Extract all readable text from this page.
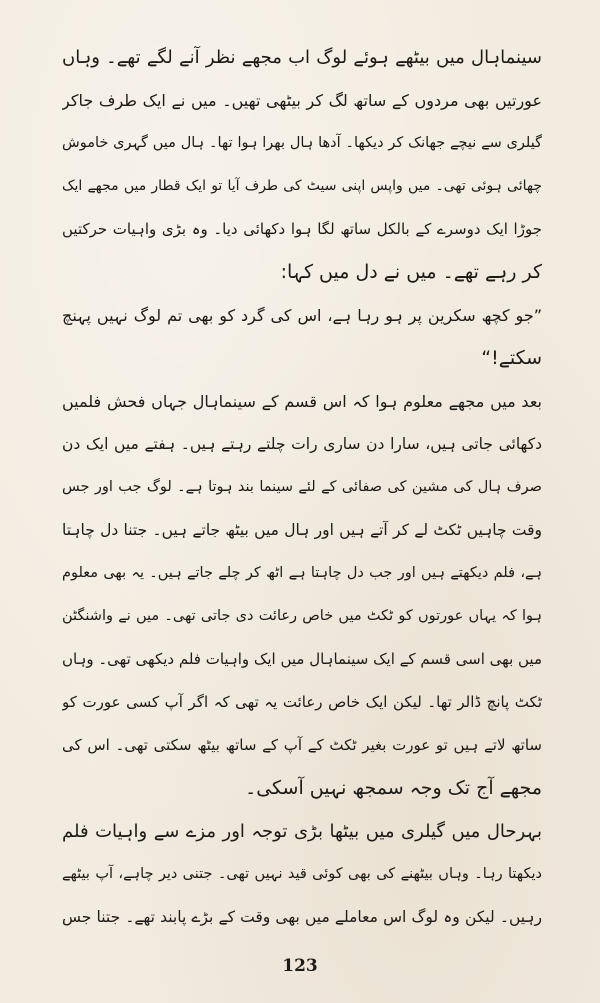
سینماہال میں بیٹھے ہوئے لوگ اب مجھے نظر آنے لگے تھے۔ وہاں
عورتیں بھی مردوں کے ساتھ لگ کر بیٹھی تھیں۔ میں نے ایک طرف جاکر
گیلری سے نیچے جھانک کر دیکھا۔ آدھا ہال بھرا ہوا تھا۔ ہال میں گہری خاموش
چھائی ہوئی تھی۔ میں واپس اپنی سیٹ کی طرف آیا تو ایک قطار میں مجھے ایک
جوڑا ایک دوسرے کے بالکل ساتھ لگا ہوا دکھائی دیا۔ وہ بڑی واہیات حرکتیں
کر رہے تھے۔ میں نے دل میں کہا:

”جو کچھ سکرین پر ہو رہا ہے، اس کی گرد کو بھی تم لوگ نہیں پہنچ
سکتے!“

بعد میں مجھے معلوم ہوا کہ اس قسم کے سینماہال جہاں فحش فلمیں
دکھائی جاتی ہیں، سارا دن ساری رات چلتے رہتے ہیں۔ ہفتے میں ایک دن
صرف ہال کی مشین کی صفائی کے لئے سینما بند ہوتا ہے۔ لوگ جب اور جس
وقت چاہیں ٹکٹ لے کر آتے ہیں اور ہال میں بیٹھ جاتے ہیں۔ جتنا دل چاہتا
ہے، فلم دیکھتے ہیں اور جب دل چاہتا ہے اٹھ کر چلے جاتے ہیں۔ یہ بھی معلوم
ہوا کہ یہاں عورتوں کو ٹکٹ میں خاص رعائت دی جاتی تھی۔ میں نے واشنگٹن
میں بھی اسی قسم کے ایک سینماہال میں ایک واہیات فلم دیکھی تھی۔ وہاں
ٹکٹ پانچ ڈالر تھا۔ لیکن ایک خاص رعائت یہ تھی کہ اگر آپ کسی عورت کو
ساتھ لاتے ہیں تو عورت بغیر ٹکٹ کے آپ کے ساتھ بیٹھ سکتی تھی۔ اس کی
مجھے آج تک وجہ سمجھ نہیں آسکی۔

بہرحال میں گیلری میں بیٹھا بڑی توجہ اور مزے سے واہیات فلم
دیکھتا رہا۔ وہاں بیٹھنے کی بھی کوئی قید نہیں تھی۔ جتنی دیر چاہے، آپ بیٹھے
رہیں۔ لیکن وہ لوگ اس معاملے میں بھی وقت کے بڑے پابند تھے۔ جتنا جس

123
